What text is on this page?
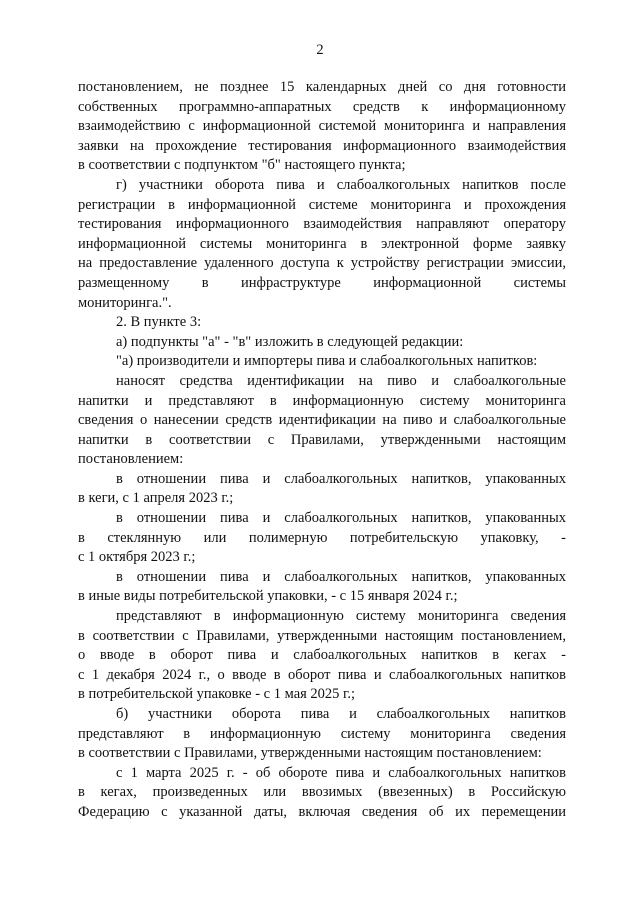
2
постановлением, не позднее 15 календарных дней со дня готовности
собственных программно-аппаратных средств к информационному
взаимодействию с информационной системой мониторинга и направления
заявки на прохождение тестирования информационного взаимодействия
в соответствии с подпунктом "б" настоящего пункта;
г) участники оборота пива и слабоалкогольных напитков после
регистрации в информационной системе мониторинга и прохождения
тестирования информационного взаимодействия направляют оператору
информационной системы мониторинга в электронной форме заявку
на предоставление удаленного доступа к устройству регистрации эмиссии,
размещенному в инфраструктуре информационной системы
мониторинга.".
2. В пункте 3:
а) подпункты "а" - "в" изложить в следующей редакции:
"а) производители и импортеры пива и слабоалкогольных напитков:
наносят средства идентификации на пиво и слабоалкогольные
напитки и представляют в информационную систему мониторинга
сведения о нанесении средств идентификации на пиво и слабоалкогольные
напитки в соответствии с Правилами, утвержденными настоящим
постановлением:
в отношении пива и слабоалкогольных напитков, упакованных
в кеги, с 1 апреля 2023 г.;
в отношении пива и слабоалкогольных напитков, упакованных
в стеклянную или полимерную потребительскую упаковку, -
с 1 октября 2023 г.;
в отношении пива и слабоалкогольных напитков, упакованных
в иные виды потребительской упаковки, - с 15 января 2024 г.;
представляют в информационную систему мониторинга сведения
в соответствии с Правилами, утвержденными настоящим постановлением,
о вводе в оборот пива и слабоалкогольных напитков в кегах -
с 1 декабря 2024 г., о вводе в оборот пива и слабоалкогольных напитков
в потребительской упаковке - с 1 мая 2025 г.;
б) участники оборота пива и слабоалкогольных напитков
представляют в информационную систему мониторинга сведения
в соответствии с Правилами, утвержденными настоящим постановлением:
с 1 марта 2025 г. - об обороте пива и слабоалкогольных напитков
в кегах, произведенных или ввозимых (ввезенных) в Российскую
Федерацию с указанной даты, включая сведения об их перемещении
